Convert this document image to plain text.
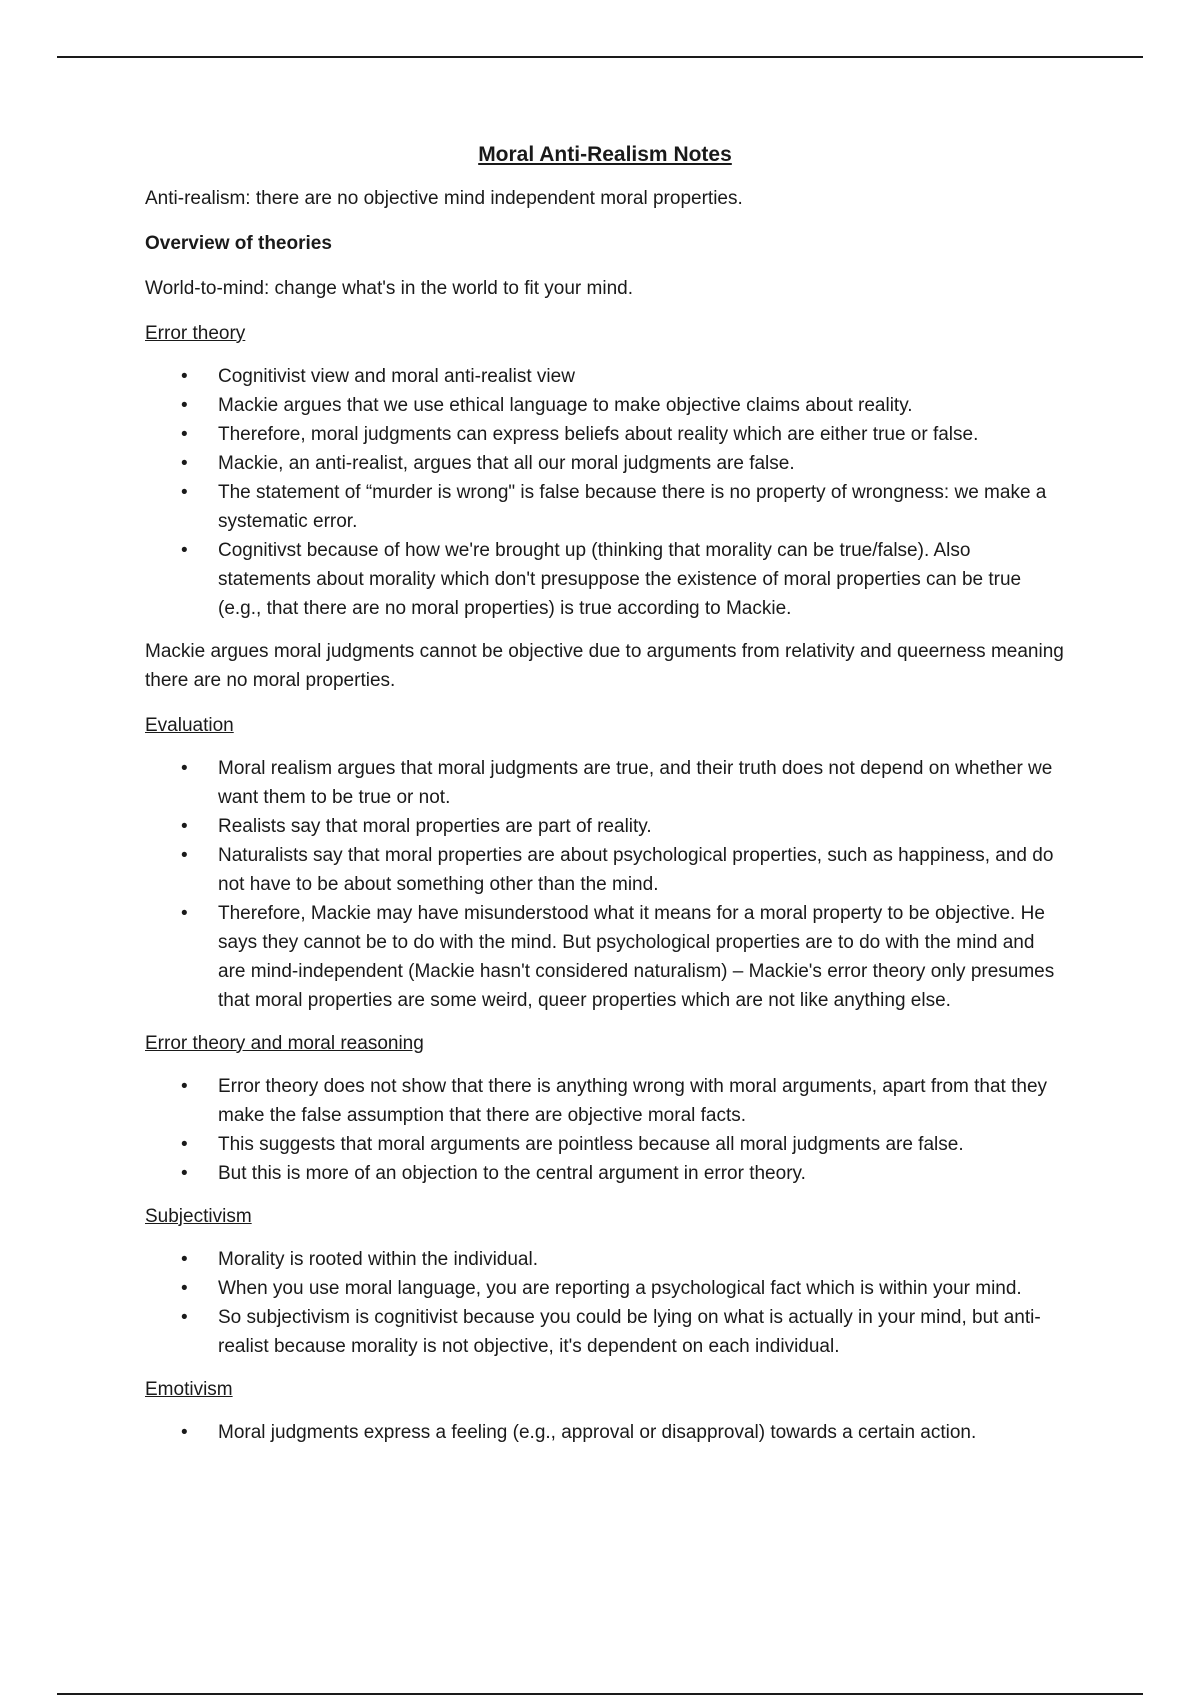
Moral Anti-Realism Notes

Anti-realism: there are no objective mind independent moral properties.

Overview of theories

World-to-mind: change what's in the world to fit your mind.

Error theory

• Cognitivist view and moral anti-realist view
• Mackie argues that we use ethical language to make objective claims about reality.
• Therefore, moral judgments can express beliefs about reality which are either true or false.
• Mackie, an anti-realist, argues that all our moral judgments are false.
• The statement of “murder is wrong" is false because there is no property of wrongness: we make a systematic error.
• Cognitivst because of how we're brought up (thinking that morality can be true/false). Also statements about morality which don't presuppose the existence of moral properties can be true (e.g., that there are no moral properties) is true according to Mackie.

Mackie argues moral judgments cannot be objective due to arguments from relativity and queerness meaning there are no moral properties.

Evaluation

• Moral realism argues that moral judgments are true, and their truth does not depend on whether we want them to be true or not.
• Realists say that moral properties are part of reality.
• Naturalists say that moral properties are about psychological properties, such as happiness, and do not have to be about something other than the mind.
• Therefore, Mackie may have misunderstood what it means for a moral property to be objective. He says they cannot be to do with the mind. But psychological properties are to do with the mind and are mind-independent (Mackie hasn't considered naturalism) – Mackie's error theory only presumes that moral properties are some weird, queer properties which are not like anything else.

Error theory and moral reasoning

• Error theory does not show that there is anything wrong with moral arguments, apart from that they make the false assumption that there are objective moral facts.
• This suggests that moral arguments are pointless because all moral judgments are false.
• But this is more of an objection to the central argument in error theory.

Subjectivism

• Morality is rooted within the individual.
• When you use moral language, you are reporting a psychological fact which is within your mind.
• So subjectivism is cognitivist because you could be lying on what is actually in your mind, but anti-realist because morality is not objective, it's dependent on each individual.

Emotivism

• Moral judgments express a feeling (e.g., approval or disapproval) towards a certain action.
